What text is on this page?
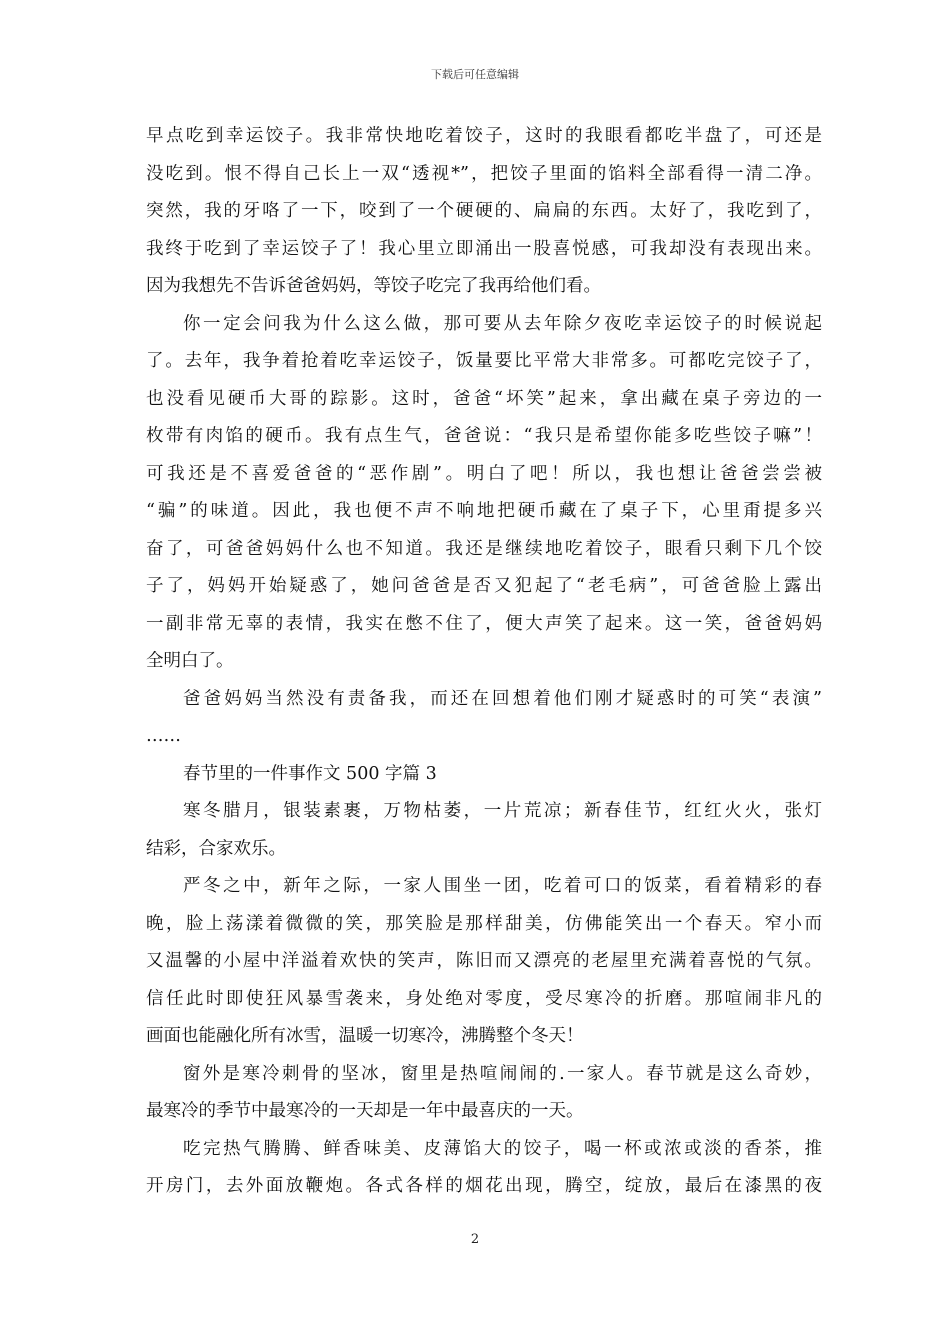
下载后可任意编辑
早点吃到幸运饺子。我非常快地吃着饺子，这时的我眼看都吃半盘了，可还是
没吃到。恨不得自己长上一双“透视*”，把饺子里面的馅料全部看得一清二净。
突然，我的牙咯了一下，咬到了一个硬硬的、扁扁的东西。太好了，我吃到了，
我终于吃到了幸运饺子了！我心里立即涌出一股喜悦感，可我却没有表现出来。
因为我想先不告诉爸爸妈妈，等饺子吃完了我再给他们看。
你一定会问我为什么这么做，那可要从去年除夕夜吃幸运饺子的时候说起
了。去年，我争着抢着吃幸运饺子，饭量要比平常大非常多。可都吃完饺子了，
也没看见硬币大哥的踪影。这时，爸爸“坏笑”起来，拿出藏在桌子旁边的一
枚带有肉馅的硬币。我有点生气，爸爸说：“我只是希望你能多吃些饺子嘛”！
可我还是不喜爱爸爸的“恶作剧”。明白了吧！所以，我也想让爸爸尝尝被
“骗”的味道。因此，我也便不声不响地把硬币藏在了桌子下，心里甭提多兴
奋了，可爸爸妈妈什么也不知道。我还是继续地吃着饺子，眼看只剩下几个饺
子了，妈妈开始疑惑了，她问爸爸是否又犯起了“老毛病”，可爸爸脸上露出
一副非常无辜的表情，我实在憋不住了，便大声笑了起来。这一笑，爸爸妈妈
全明白了。
爸爸妈妈当然没有责备我，而还在回想着他们刚才疑惑时的可笑“表演”
……
春节里的一件事作文 500 字篇 3
寒冬腊月，银装素裹，万物枯萎，一片荒凉；新春佳节，红红火火，张灯
结彩，合家欢乐。
严冬之中，新年之际，一家人围坐一团，吃着可口的饭菜，看着精彩的春
晚，脸上荡漾着微微的笑，那笑脸是那样甜美，仿佛能笑出一个春天。窄小而
又温馨的小屋中洋溢着欢快的笑声，陈旧而又漂亮的老屋里充满着喜悦的气氛。
信任此时即使狂风暴雪袭来，身处绝对零度，受尽寒冷的折磨。那喧闹非凡的
画面也能融化所有冰雪，温暖一切寒冷，沸腾整个冬天！
窗外是寒冷刺骨的坚冰，窗里是热喧闹闹的.一家人。春节就是这么奇妙，
最寒冷的季节中最寒冷的一天却是一年中最喜庆的一天。
吃完热气腾腾、鲜香味美、皮薄馅大的饺子，喝一杯或浓或淡的香茶，推
开房门，去外面放鞭炮。各式各样的烟花出现，腾空，绽放，最后在漆黑的夜
2
